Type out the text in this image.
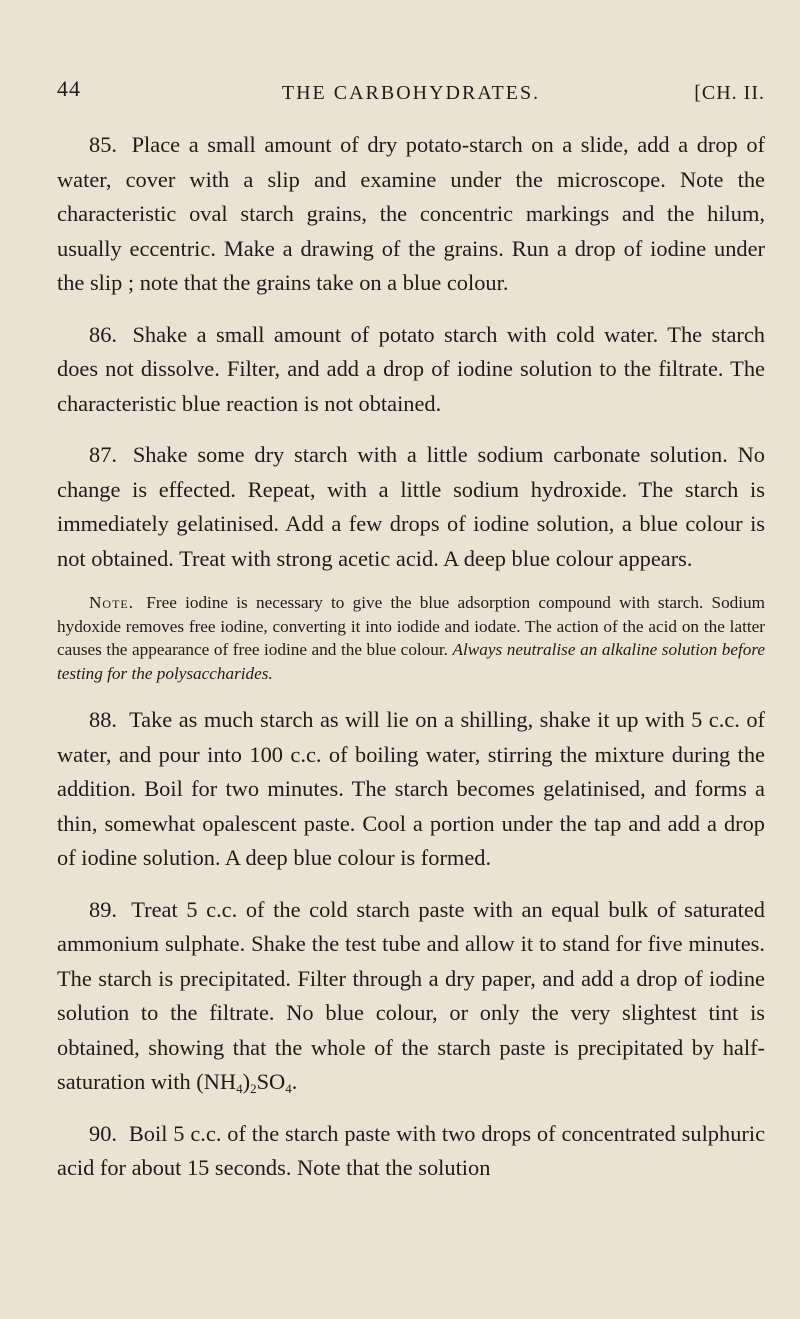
44	THE CARBOHYDRATES.	[CH. II.

85. Place a small amount of dry potato-starch on a slide, add a drop of water, cover with a slip and examine under the microscope. Note the characteristic oval starch grains, the concentric markings and the hilum, usually eccentric. Make a drawing of the grains. Run a drop of iodine under the slip ; note that the grains take on a blue colour.

86. Shake a small amount of potato starch with cold water. The starch does not dissolve. Filter, and add a drop of iodine solution to the filtrate. The characteristic blue reaction is not obtained.

87. Shake some dry starch with a little sodium carbonate solution. No change is effected. Repeat, with a little sodium hydroxide. The starch is immediately gelatinised. Add a few drops of iodine solution, a blue colour is not obtained. Treat with strong acetic acid. A deep blue colour appears.

Note. Free iodine is necessary to give the blue adsorption compound with starch. Sodium hydoxide removes free iodine, converting it into iodide and iodate. The action of the acid on the latter causes the appearance of free iodine and the blue colour. Always neutralise an alkaline solution before testing for the polysaccharides.

88. Take as much starch as will lie on a shilling, shake it up with 5 c.c. of water, and pour into 100 c.c. of boiling water, stirring the mixture during the addition. Boil for two minutes. The starch becomes gelatinised, and forms a thin, somewhat opalescent paste. Cool a portion under the tap and add a drop of iodine solution. A deep blue colour is formed.

89. Treat 5 c.c. of the cold starch paste with an equal bulk of saturated ammonium sulphate. Shake the test tube and allow it to stand for five minutes. The starch is precipitated. Filter through a dry paper, and add a drop of iodine solution to the filtrate. No blue colour, or only the very slightest tint is obtained, showing that the whole of the starch paste is precipitated by half-saturation with $(NH_4)_2SO_4$.

90. Boil 5 c.c. of the starch paste with two drops of concentrated sulphuric acid for about 15 seconds. Note that the solution
